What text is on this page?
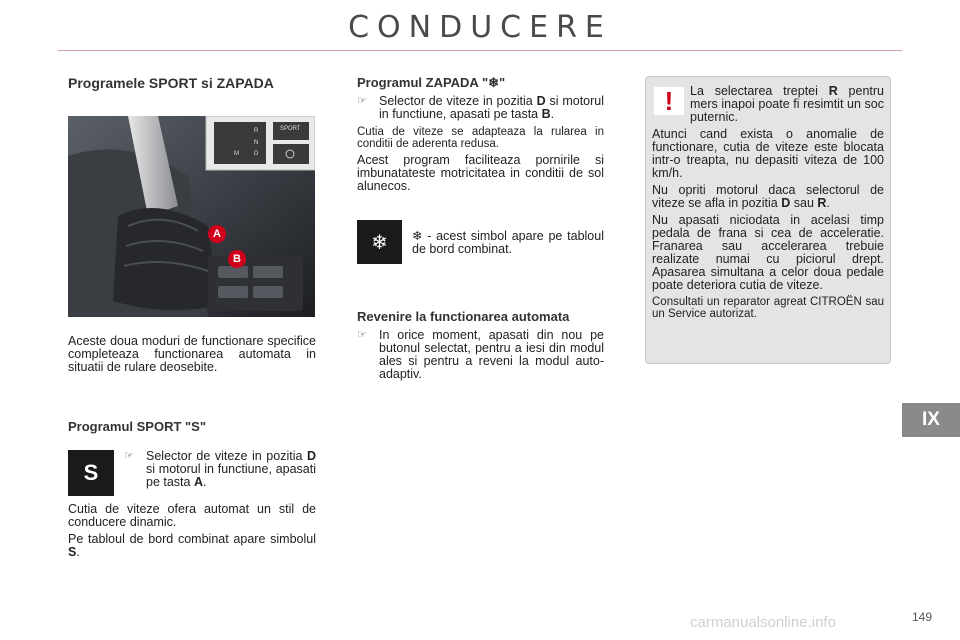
CONDUCERE
IX
149
carmanualsonline.info
Programele SPORT si ZAPADA
SPORT
R
N
D
M
A
B
Aceste doua moduri de functionare specifice completeaza functionarea automata in situatii de rulare deosebite.
Programul SPORT "S"
S
☞ Selector de viteze in pozitia D si motorul in functiune, apasati pe tasta A.
Cutia de viteze ofera automat un stil de conducere dinamic.
Pe tabloul de bord combinat apare simbolul S.
Programul ZAPADA "❄"
☞ Selector de viteze in pozitia D si motorul in functiune, apasati pe tasta B.
Cutia de viteze se adapteaza la rularea in conditii de aderenta redusa.
Acest program faciliteaza pornirile si imbunatateste motricitatea in conditii de sol alunecos.
❄	❄ - acest simbol apare pe tabloul de bord combinat.
Revenire la functionarea automata
☞ In orice moment, apasati din nou pe butonul selectat, pentru a iesi din modul ales si pentru a reveni la modul auto-adaptiv.
!	La selectarea treptei R pentru mers inapoi poate fi resimtit un soc puternic.
Atunci cand exista o anomalie de functionare, cutia de viteze este blocata intr-o treapta, nu depasiti viteza de 100 km/h.
Nu opriti motorul daca selectorul de viteze se afla in pozitia D sau R.
Nu apasati niciodata in acelasi timp pedala de frana si cea de acceleratie. Franarea sau accelerarea trebuie realizate numai cu piciorul drept. Apasarea simultana a celor doua pedale poate deteriora cutia de viteze.
Consultati un reparator agreat CITROËN sau un Service autorizat.
